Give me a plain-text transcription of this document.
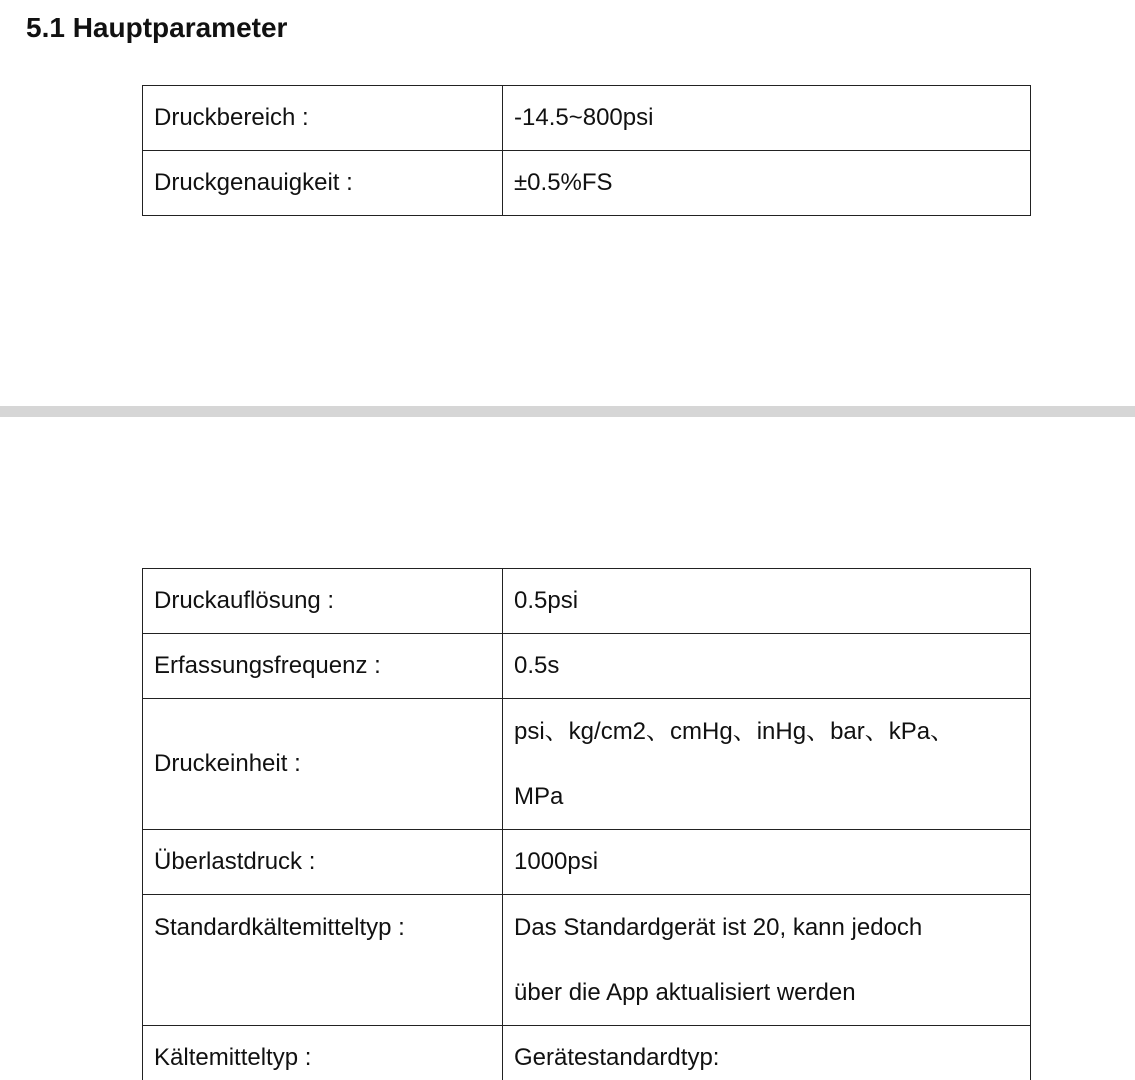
5.1 Hauptparameter
Druckbereich :	-14.5~800psi
Druckgenauigkeit :	±0.5%FS
Druckauflösung :	0.5psi
Erfassungsfrequenz :	0.5s
Druckeinheit :	psi、kg/cm2、cmHg、inHg、bar、kPa、
MPa

Überlastdruck :	1000psi

Standardkältemitteltyp :	Das Standardgerät ist 20, kann jedoch
über die App aktualisiert werden

Kältemitteltyp :	Gerätestandardtyp:
